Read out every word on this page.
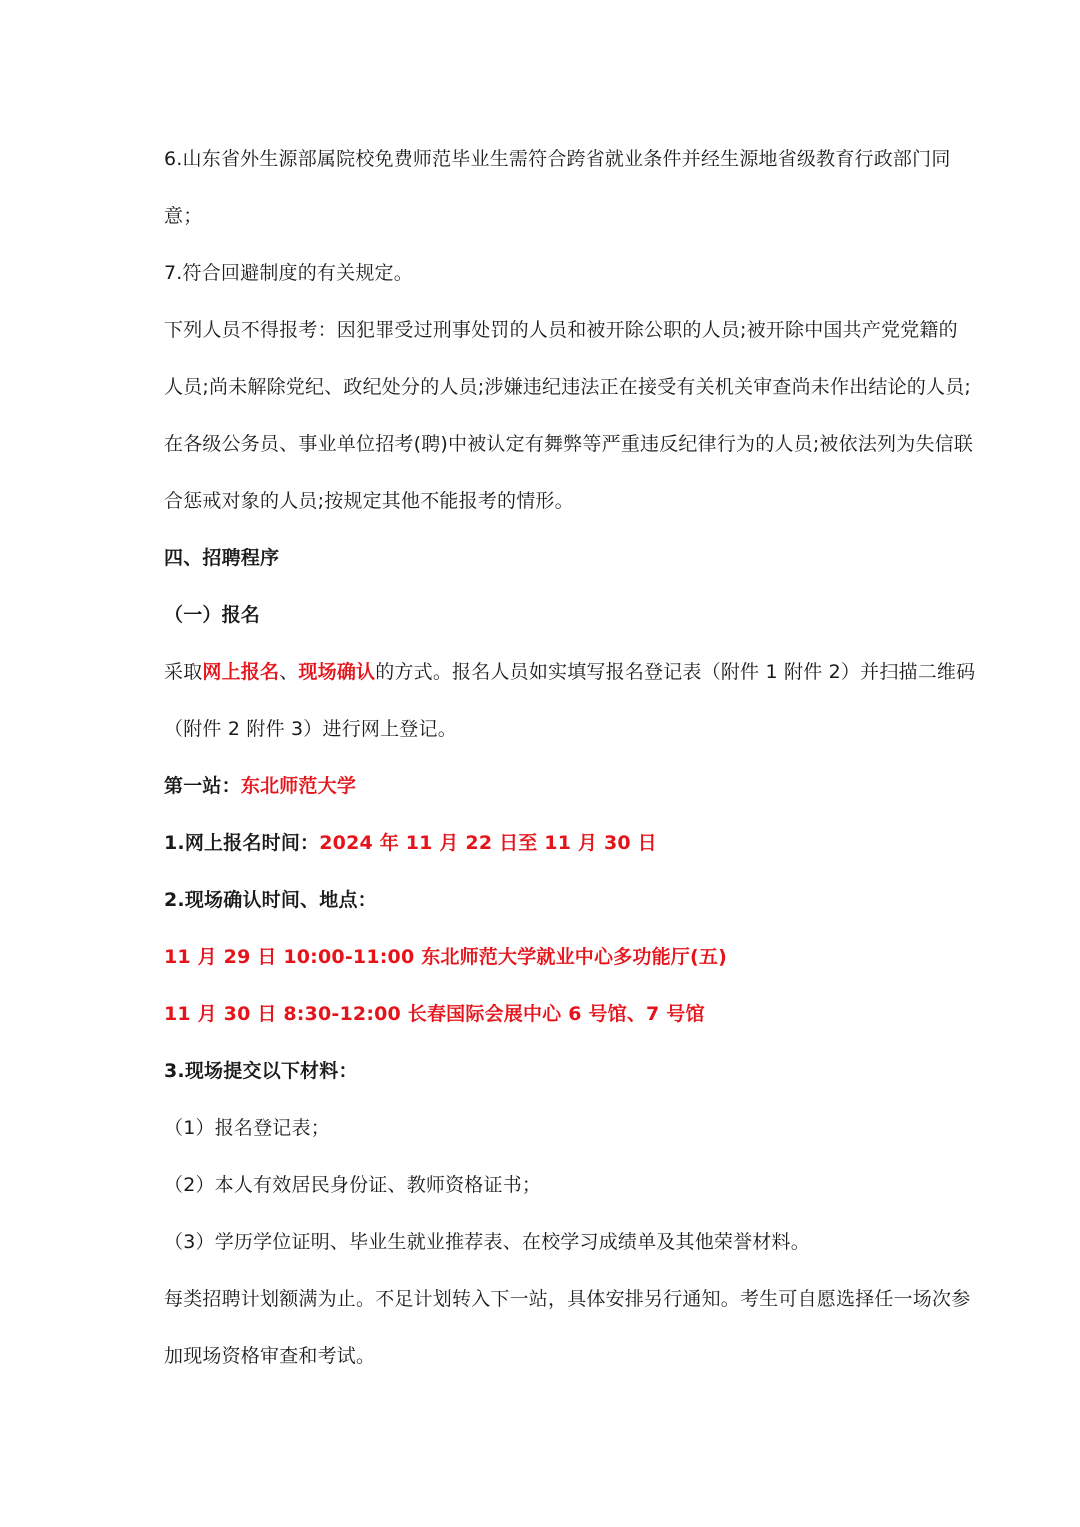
6.山东省外生源部属院校免费师范毕业生需符合跨省就业条件并经生源地省级教育行政部门同
意；
7.符合回避制度的有关规定。
下列人员不得报考：因犯罪受过刑事处罚的人员和被开除公职的人员;被开除中国共产党党籍的
人员;尚未解除党纪、政纪处分的人员;涉嫌违纪违法正在接受有关机关审查尚未作出结论的人员;
在各级公务员、事业单位招考(聘)中被认定有舞弊等严重违反纪律行为的人员;被依法列为失信联
合惩戒对象的人员;按规定其他不能报考的情形。
四、招聘程序
（一）报名
采取网上报名、现场确认的方式。报名人员如实填写报名登记表（附件 1 附件 2）并扫描二维码
（附件 2 附件 3）进行网上登记。
第一站：东北师范大学
1.网上报名时间：2024 年 11 月 22 日至 11 月 30 日
2.现场确认时间、地点：
11 月 29 日 10:00-11:00 东北师范大学就业中心多功能厅(五)
11 月 30 日 8:30-12:00 长春国际会展中心 6 号馆、7 号馆
3.现场提交以下材料：
（1）报名登记表；
（2）本人有效居民身份证、教师资格证书；
（3）学历学位证明、毕业生就业推荐表、在校学习成绩单及其他荣誉材料。
每类招聘计划额满为止。不足计划转入下一站，具体安排另行通知。考生可自愿选择任一场次参
加现场资格审查和考试。
